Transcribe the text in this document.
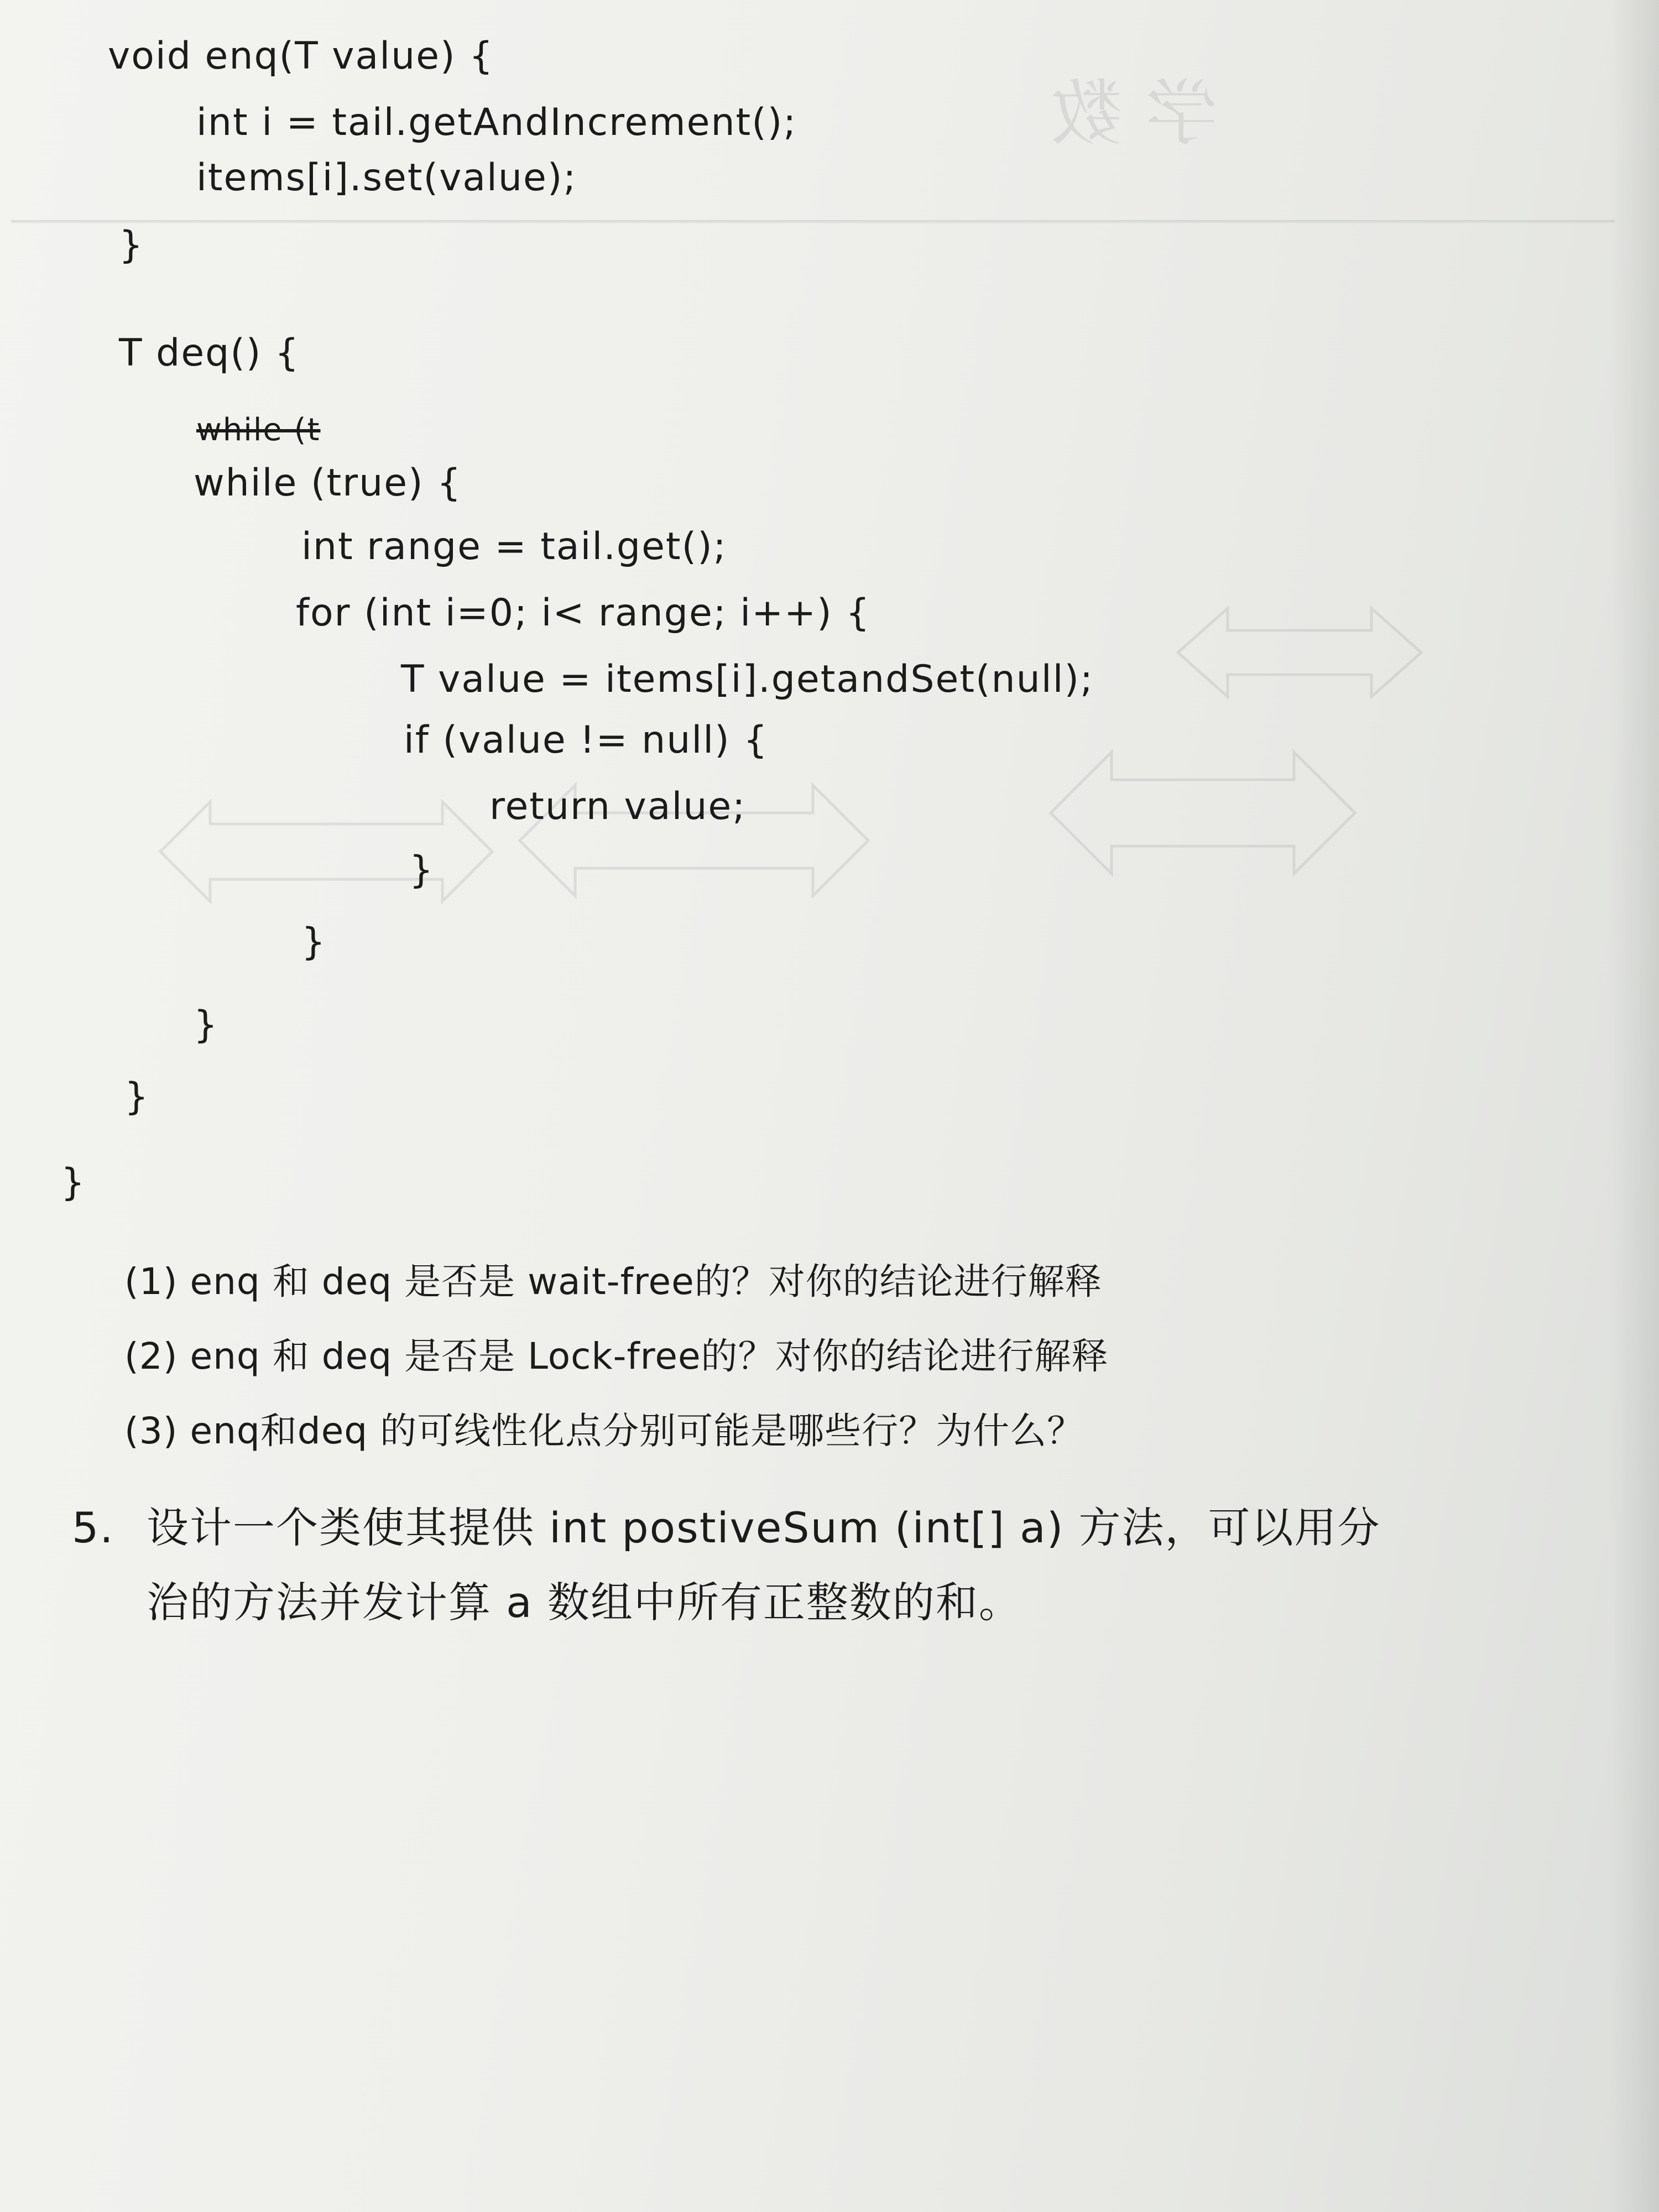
学 数
void enq(T value) {
int i = tail.getAndIncrement();
items[i].set(value);
}
T deq() {
while (t
while (true) {
int range = tail.get();
for (int i=0; i< range; i++) {
T value = items[i].getandSet(null);
if (value != null) {
return value;
}
}
}
}
}
(1) enq 和 deq 是否是 wait-free的？对你的结论进行解释
(2) enq 和 deq 是否是 Lock-free的？对你的结论进行解释
(3) enq和deq 的可线性化点分别可能是哪些行？为什么？
5. 设计一个类使其提供 int postiveSum (int[] a) 方法，可以用分
治的方法并发计算 a 数组中所有正整数的和。
